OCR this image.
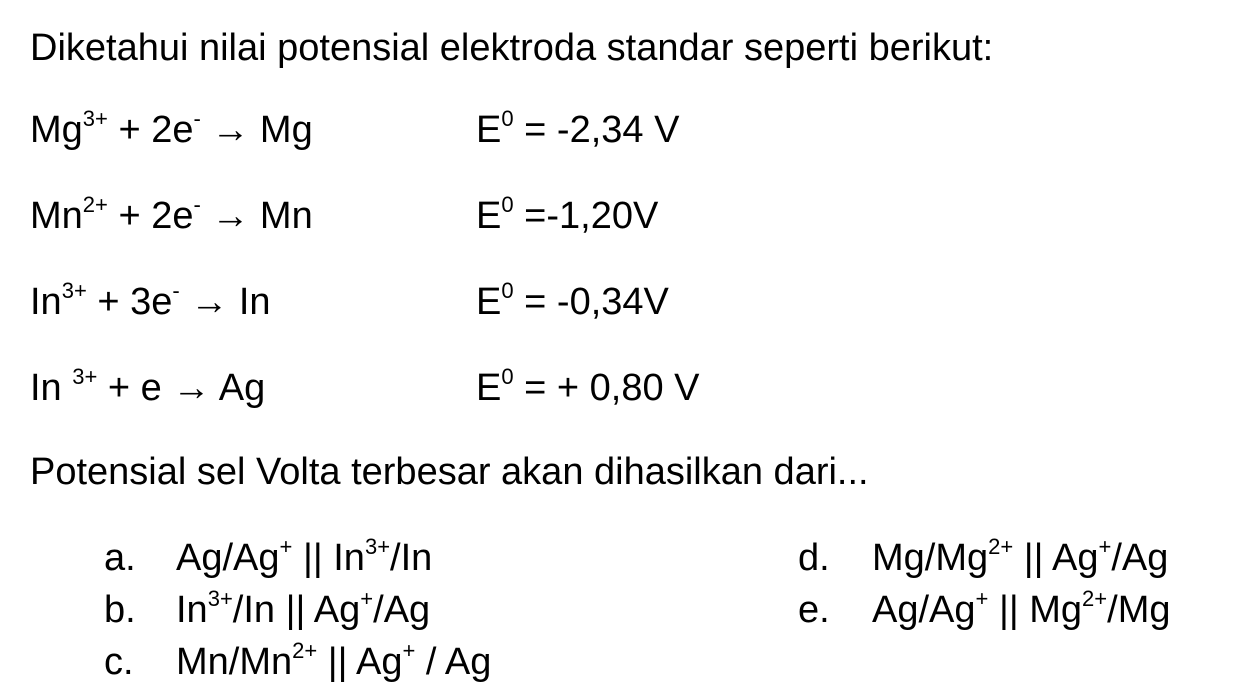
Diketahui nilai potensial elektroda standar seperti berikut:
$Mg^{3+} + 2e^- \to Mg$	$E^0 = -2,34$ V
$Mn^{2+} + 2e^- \to Mn$	$E^0 =-1,20V$
$In^{3+} + 3e^- \to In$	$E^0 = -0,34V$
In $^{3+}$ + e → Ag	$E^0$ = + 0,80 V
Potensial sel Volta terbesar akan dihasilkan dari...
a. Ag/Ag+ || $In^{3+}/In$
b. $In^{3+}/In$ || Ag+/Ag
c. $Mn/Mn^{2+}$ || Ag+ / Ag
d. $Mg/Mg^{2+}$ || Ag+/Ag
e. Ag/Ag+ || $Mg^{2+}/Mg$
